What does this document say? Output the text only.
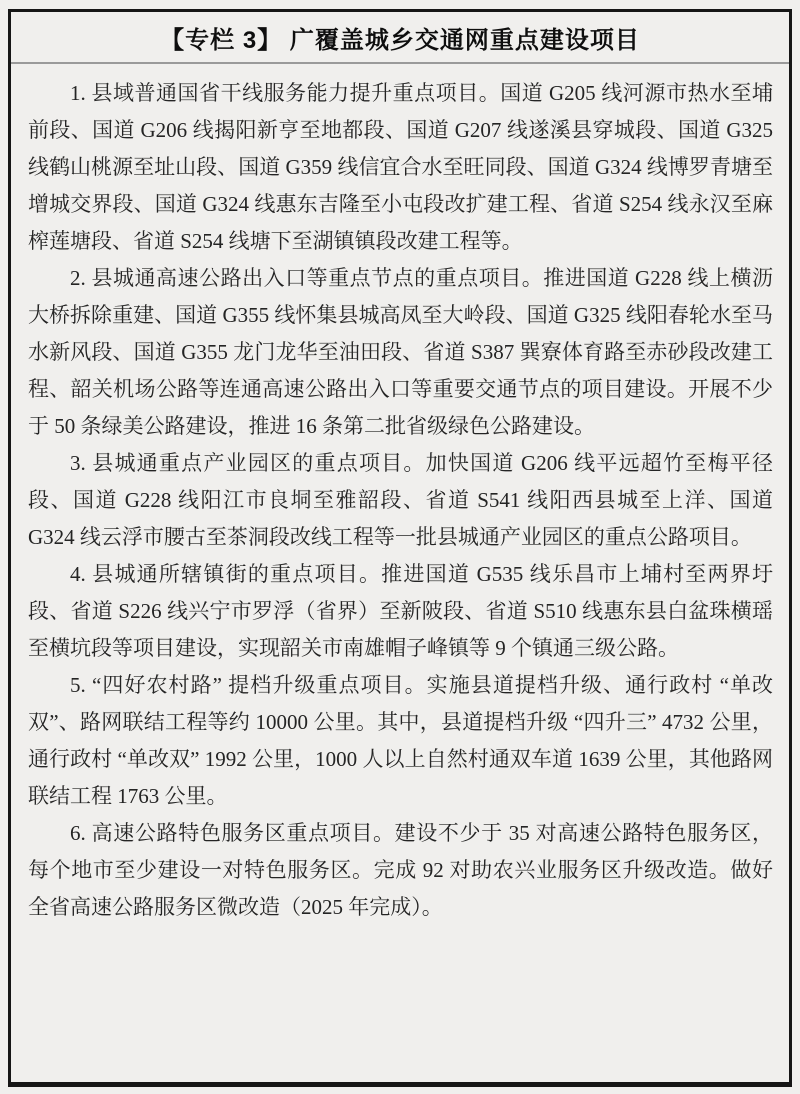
【专栏 3】 广覆盖城乡交通网重点建设项目

1. 县域普通国省干线服务能力提升重点项目。国道 G205 线河源市热水至埔前段、国道 G206 线揭阳新亨至地都段、国道 G207 线遂溪县穿城段、国道 G325 线鹤山桃源至址山段、国道 G359 线信宜合水至旺同段、国道 G324 线博罗青塘至增城交界段、国道 G324 线惠东吉隆至小屯段改扩建工程、省道 S254 线永汉至麻榨莲塘段、省道 S254 线塘下至湖镇镇段改建工程等。

2. 县城通高速公路出入口等重点节点的重点项目。推进国道 G228 线上横沥大桥拆除重建、国道 G355 线怀集县城高凤至大岭段、国道 G325 线阳春轮水至马水新风段、国道 G355 龙门龙华至油田段、省道 S387 巽寮体育路至赤砂段改建工程、韶关机场公路等连通高速公路出入口等重要交通节点的项目建设。开展不少于 50 条绿美公路建设，推进 16 条第二批省级绿色公路建设。

3. 县城通重点产业园区的重点项目。加快国道 G206 线平远超竹至梅平径段、国道 G228 线阳江市良垌至雅韶段、省道 S541 线阳西县城至上洋、国道 G324 线云浮市腰古至茶洞段改线工程等一批县城通产业园区的重点公路项目。

4. 县城通所辖镇街的重点项目。推进国道 G535 线乐昌市上埔村至两界圩段、省道 S226 线兴宁市罗浮（省界）至新陂段、省道 S510 线惠东县白盆珠横瑶至横坑段等项目建设，实现韶关市南雄帽子峰镇等 9 个镇通三级公路。

5. “四好农村路” 提档升级重点项目。实施县道提档升级、通行政村 “单改双”、路网联结工程等约 10000 公里。其中，县道提档升级 “四升三” 4732 公里，通行政村 “单改双” 1992 公里，1000 人以上自然村通双车道 1639 公里，其他路网联结工程 1763 公里。

6. 高速公路特色服务区重点项目。建设不少于 35 对高速公路特色服务区，每个地市至少建设一对特色服务区。完成 92 对助农兴业服务区升级改造。做好全省高速公路服务区微改造（2025 年完成）。
